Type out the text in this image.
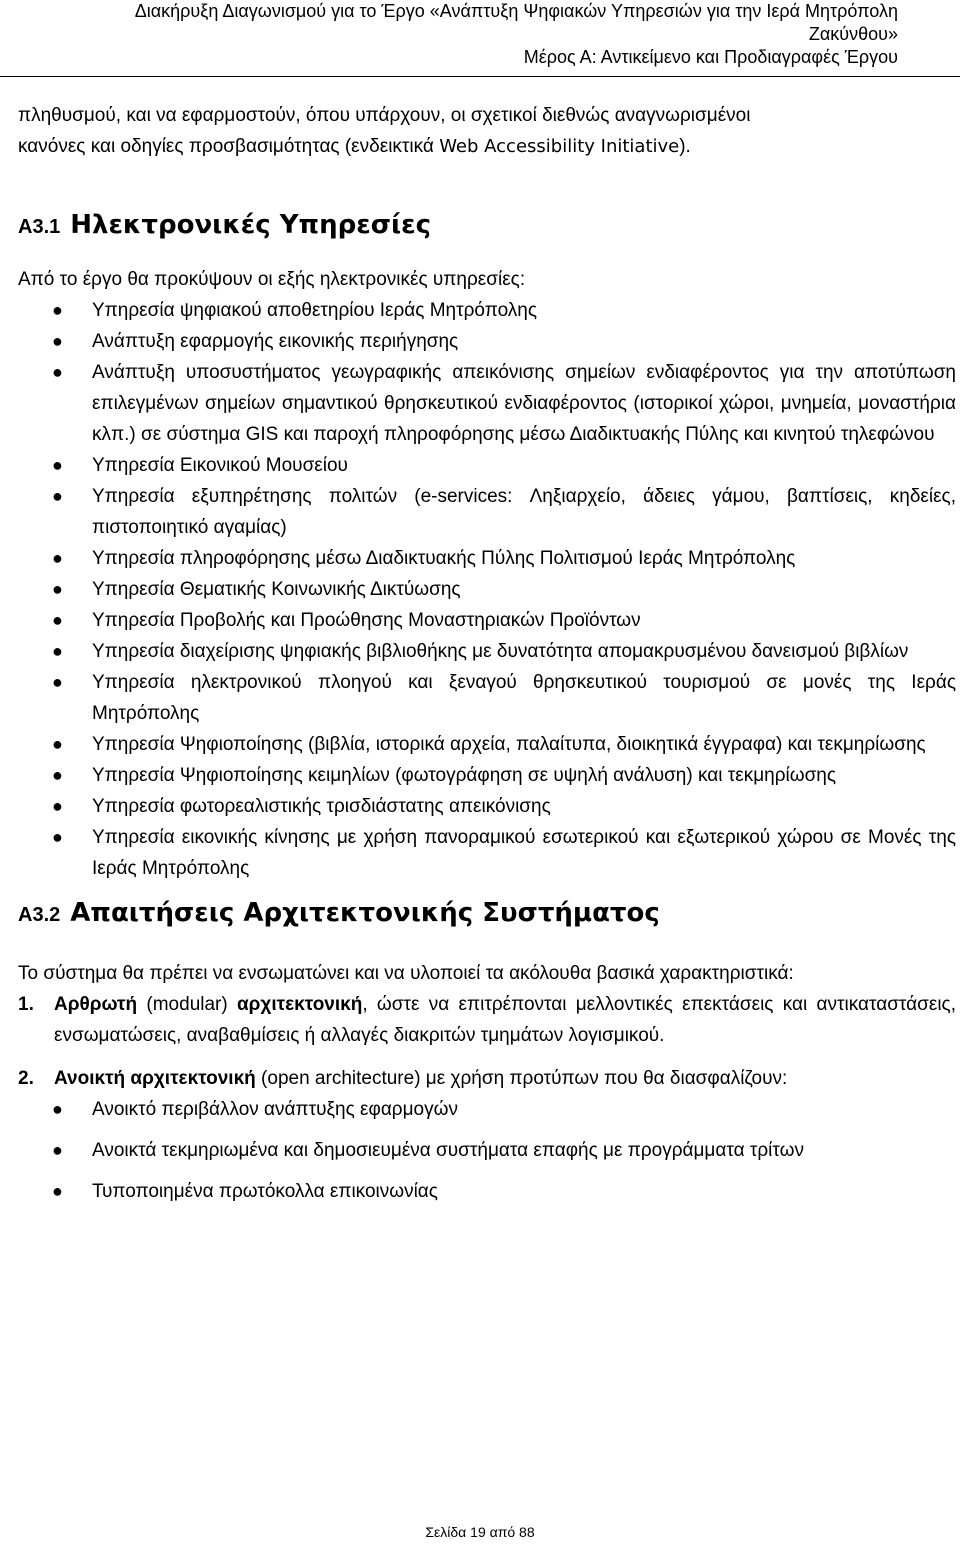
Διακήρυξη Διαγωνισμού για το Έργο «Ανάπτυξη Ψηφιακών Υπηρεσιών για την Ιερά Μητρόπολη
Ζακύνθου»
Μέρος Α: Αντικείμενο και Προδιαγραφές Έργου

πληθυσμού, και να εφαρμοστούν, όπου υπάρχουν, οι σχετικοί διεθνώς αναγνωρισμένοι

κανόνες και οδηγίες προσβασιμότητας (ενδεικτικά Web Accessibility Initiative).

Α3.1 Ηλεκτρονικές Υπηρεσίες

Από το έργο θα προκύψουν οι εξής ηλεκτρονικές υπηρεσίες:

● Υπηρεσία ψηφιακού αποθετηρίου Ιεράς Μητρόπολης
● Ανάπτυξη εφαρμογής εικονικής περιήγησης
● Ανάπτυξη υποσυστήματος γεωγραφικής απεικόνισης σημείων ενδιαφέροντος για την αποτύπωση επιλεγμένων σημείων σημαντικού θρησκευτικού ενδιαφέροντος (ιστορικοί χώροι, μνημεία, μοναστήρια κλπ.) σε σύστημα GIS και παροχή πληροφόρησης μέσω Διαδικτυακής Πύλης και κινητού τηλεφώνου
● Υπηρεσία Εικονικού Μουσείου
● Υπηρεσία εξυπηρέτησης πολιτών (e-services: Ληξιαρχείο, άδειες γάμου, βαπτίσεις, κηδείες, πιστοποιητικό αγαμίας)
● Υπηρεσία πληροφόρησης μέσω Διαδικτυακής Πύλης Πολιτισμού Ιεράς Μητρόπολης
● Υπηρεσία Θεματικής Κοινωνικής Δικτύωσης
● Υπηρεσία Προβολής και Προώθησης Μοναστηριακών Προϊόντων
● Υπηρεσία διαχείρισης ψηφιακής βιβλιοθήκης με δυνατότητα απομακρυσμένου δανεισμού βιβλίων
● Υπηρεσία ηλεκτρονικού πλοηγού και ξεναγού θρησκευτικού τουρισμού σε μονές της Ιεράς Μητρόπολης
● Υπηρεσία Ψηφιοποίησης (βιβλία, ιστορικά αρχεία, παλαίτυπα, διοικητικά έγγραφα) και τεκμηρίωσης
● Υπηρεσία Ψηφιοποίησης κειμηλίων (φωτογράφηση σε υψηλή ανάλυση) και τεκμηρίωσης
● Υπηρεσία φωτορεαλιστικής τρισδιάστατης απεικόνισης
● Υπηρεσία εικονικής κίνησης με χρήση πανοραμικού εσωτερικού και εξωτερικού χώρου σε Μονές της Ιεράς Μητρόπολης
Α3.2 Απαιτήσεις Αρχιτεκτονικής Συστήματος

Το σύστημα θα πρέπει να ενσωματώνει και να υλοποιεί τα ακόλουθα βασικά χαρακτηριστικά:

1. Αρθρωτή (modular) αρχιτεκτονική, ώστε να επιτρέπονται μελλοντικές επεκτάσεις και αντικαταστάσεις, ενσωματώσεις, αναβαθμίσεις ή αλλαγές διακριτών τμημάτων λογισμικού.
2. Ανοικτή αρχιτεκτονική (open architecture) με χρήση προτύπων που θα διασφαλίζουν:
● Ανοικτό περιβάλλον ανάπτυξης εφαρμογών
● Ανοικτά τεκμηριωμένα και δημοσιευμένα συστήματα επαφής με προγράμματα τρίτων
● Τυποποιημένα πρωτόκολλα επικοινωνίας
Σελίδα 19 από 88
